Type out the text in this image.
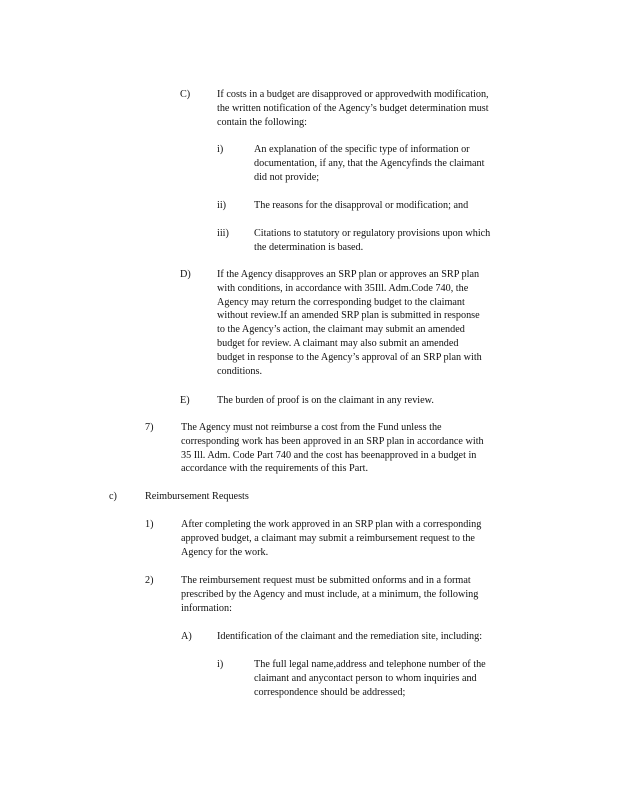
C)	If costs in a budget are disapproved or approvedwith modification,
the written notification of the Agency’s budget determination must
contain the following:
i)	An explanation of the specific type of information or
documentation, if any, that the Agencyfinds the claimant
did not provide;
ii)	The reasons for the disapproval or modification; and
iii) Citations to statutory or regulatory provisions upon which
the determination is based.
D)	If the Agency disapproves an SRP plan or approves an SRP plan
with conditions, in accordance with 35Ill. Adm.Code 740, the
Agency may return the corresponding budget to the claimant
without review.If an amended SRP plan is submitted in response
to the Agency’s action, the claimant may submit an amended
budget for review. A claimant may also submit an amended
budget in response to the Agency’s approval of an SRP plan with
conditions.
E)	The burden of proof is on the claimant in any review.
7)	The Agency must not reimburse a cost from the Fund unless the
corresponding work has been approved in an SRP plan in accordance with
35 Ill. Adm. Code Part 740 and the cost has beenapproved in a budget in
accordance with the requirements of this Part.
c)	Reimbursement Requests
1)	After completing the work approved in an SRP plan with a corresponding
approved budget, a claimant may submit a reimbursement request to the
Agency for the work.
2)	The reimbursement request must be submitted onforms and in a format
prescribed by the Agency and must include, at a minimum, the following
information:
A) Identification of the claimant and the remediation site, including:
i)	The full legal name,address and telephone number of the
claimant and anycontact person to whom inquiries and
correspondence should be addressed;
